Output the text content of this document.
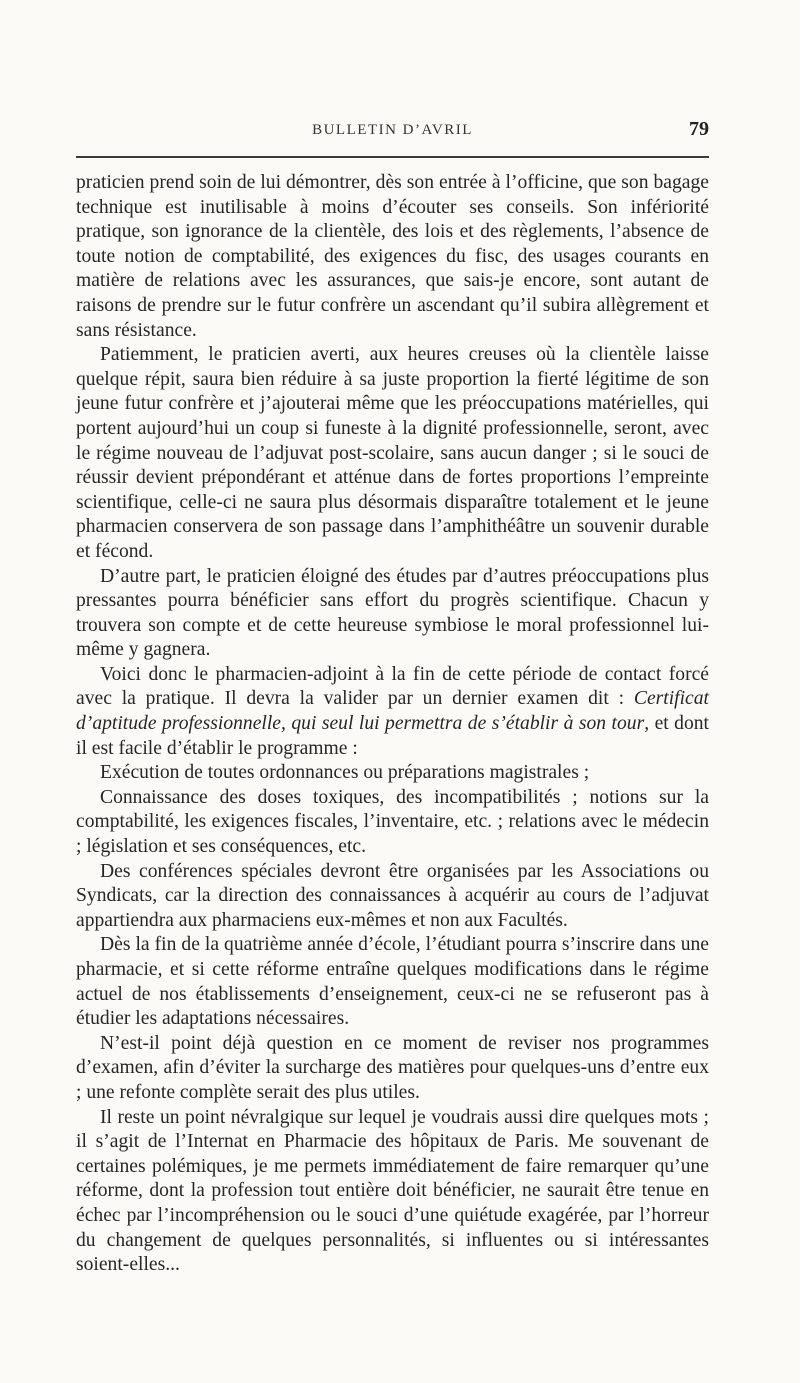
BULLETIN D’AVRIL	79

praticien prend soin de lui démontrer, dès son entrée à l’officine, que son bagage technique est inutilisable à moins d’écouter ses conseils. Son infériorité pratique, son ignorance de la clientèle, des lois et des règlements, l’absence de toute notion de comptabilité, des exigences du fisc, des usages courants en matière de relations avec les assurances, que sais-je encore, sont autant de raisons de prendre sur le futur confrère un ascendant qu’il subira allègrement et sans résistance.

Patiemment, le praticien averti, aux heures creuses où la clientèle laisse quelque répit, saura bien réduire à sa juste proportion la fierté légitime de son jeune futur confrère et j’ajouterai même que les préoccupations matérielles, qui portent aujourd’hui un coup si funeste à la dignité professionnelle, seront, avec le régime nouveau de l’adjuvat post-scolaire, sans aucun danger ; si le souci de réussir devient prépondérant et atténue dans de fortes proportions l’empreinte scientifique, celle-ci ne saura plus désormais disparaître totalement et le jeune pharmacien conservera de son passage dans l’amphithéâtre un souvenir durable et fécond.

D’autre part, le praticien éloigné des études par d’autres préoccupations plus pressantes pourra bénéficier sans effort du progrès scientifique. Chacun y trouvera son compte et de cette heureuse symbiose le moral professionnel lui-même y gagnera.

Voici donc le pharmacien-adjoint à la fin de cette période de contact forcé avec la pratique. Il devra la valider par un dernier examen dit : Certificat d’aptitude professionnelle, qui seul lui permettra de s’établir à son tour, et dont il est facile d’établir le programme :

Exécution de toutes ordonnances ou préparations magistrales ;

Connaissance des doses toxiques, des incompatibilités ; notions sur la comptabilité, les exigences fiscales, l’inventaire, etc. ; relations avec le médecin ; législation et ses conséquences, etc.

Des conférences spéciales devront être organisées par les Associations ou Syndicats, car la direction des connaissances à acquérir au cours de l’adjuvat appartiendra aux pharmaciens eux-mêmes et non aux Facultés.

Dès la fin de la quatrième année d’école, l’étudiant pourra s’inscrire dans une pharmacie, et si cette réforme entraîne quelques modifications dans le régime actuel de nos établissements d’enseignement, ceux-ci ne se refuseront pas à étudier les adaptations nécessaires.

N’est-il point déjà question en ce moment de reviser nos programmes d’examen, afin d’éviter la surcharge des matières pour quelques-uns d’entre eux ; une refonte complète serait des plus utiles.

Il reste un point névralgique sur lequel je voudrais aussi dire quelques mots ; il s’agit de l’Internat en Pharmacie des hôpitaux de Paris. Me souvenant de certaines polémiques, je me permets immédiatement de faire remarquer qu’une réforme, dont la profession tout entière doit bénéficier, ne saurait être tenue en échec par l’incompréhension ou le souci d’une quiétude exagérée, par l’horreur du changement de quelques personnalités, si influentes ou si intéressantes soient-elles...
